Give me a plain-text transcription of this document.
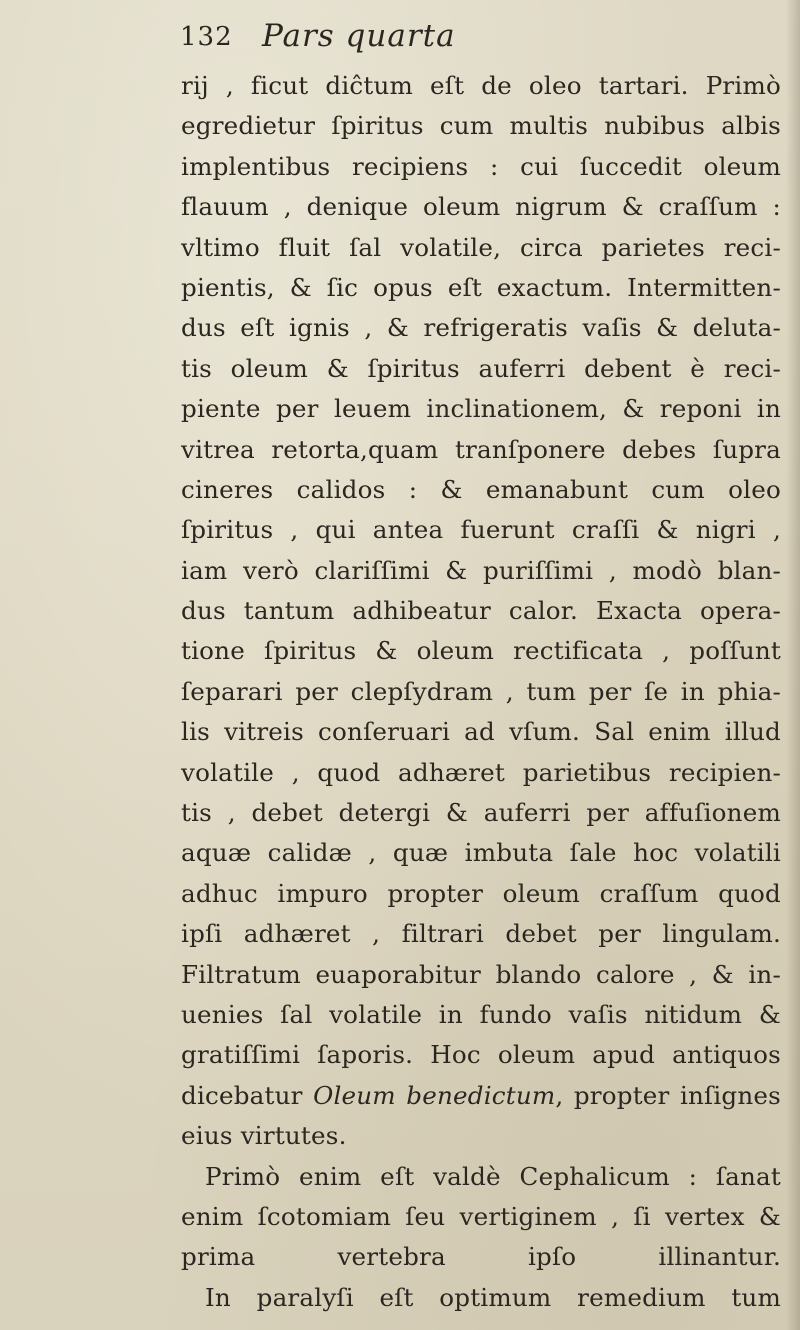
132 Pars quarta
rij , ficut diĉtum eſt de oleo tartari. Primò
egredietur ſpiritus cum multis nubibus albis
implentibus recipiens : cui ſuccedit oleum
flauum , denique oleum nigrum & craſſum :
vltimo fluit ſal volatile, circa parietes reci-
pientis, & ſic opus eſt exactum. Intermitten-
dus eſt ignis , & refrigeratis vaſis & deluta-
tis oleum & ſpiritus auferri debent è reci-
piente per leuem inclinationem, & reponi in
vitrea retorta,quam tranſponere debes ſupra
cineres calidos : & emanabunt cum oleo
ſpiritus , qui antea fuerunt craſſi & nigri ,
iam verò clariſſimi & puriſſimi , modò blan-
dus tantum adhibeatur calor. Exacta opera-
tione ſpiritus & oleum rectificata , poſſunt
ſeparari per clepſydram , tum per ſe in phia-
lis vitreis conſeruari ad vſum. Sal enim illud
volatile , quod adhæret parietibus recipien-
tis , debet detergi & auferri per affuſionem
aquæ calidæ , quæ imbuta ſale hoc volatili
adhuc impuro propter oleum craſſum quod
ipſi adhæret , filtrari debet per lingulam.
Filtratum euaporabitur blando calore , & in-
uenies ſal volatile in fundo vaſis nitidum &
gratiſſimi ſaporis. Hoc oleum apud antiquos
dicebatur Oleum benedictum, propter inſignes
eius virtutes.
Primò enim eſt valdè Cephalicum : ſanat
enim ſcotomiam ſeu vertiginem , ſi vertex &
prima vertebra ipſo illinantur.
In paralyſi eſt optimum remedium tum
